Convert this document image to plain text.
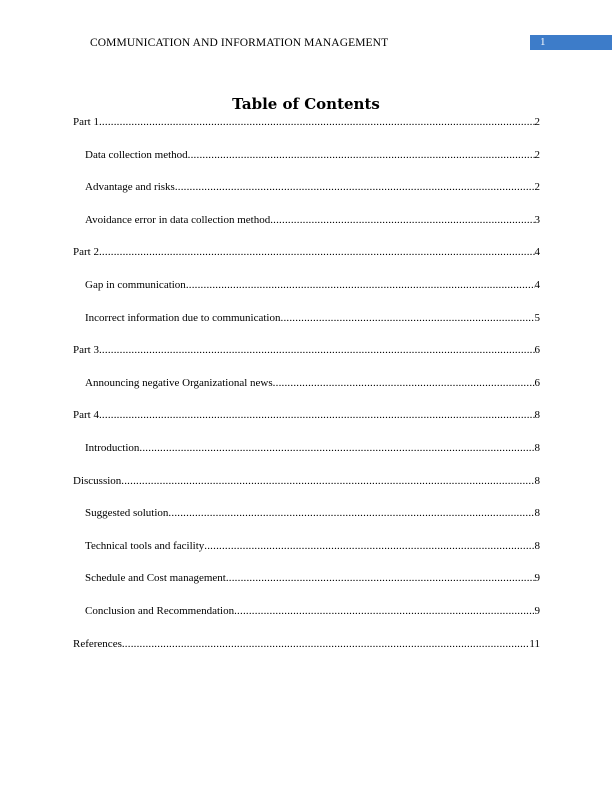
COMMUNICATION AND INFORMATION MANAGEMENT	1
Table of Contents
Part 1 .....	2
Data collection method .....	2
Advantage and risks .....	2
Avoidance error in data collection method .....	3
Part 2 .....	4
Gap in communication .....	4
Incorrect information due to communication .....	5
Part 3 .....	6
Announcing negative Organizational news .....	6
Part 4 .....	8
Introduction .....	8
Discussion .....	8
Suggested solution .....	8
Technical tools and facility .....	8
Schedule and Cost management .....	9
Conclusion and Recommendation .....	9
References .....	11
